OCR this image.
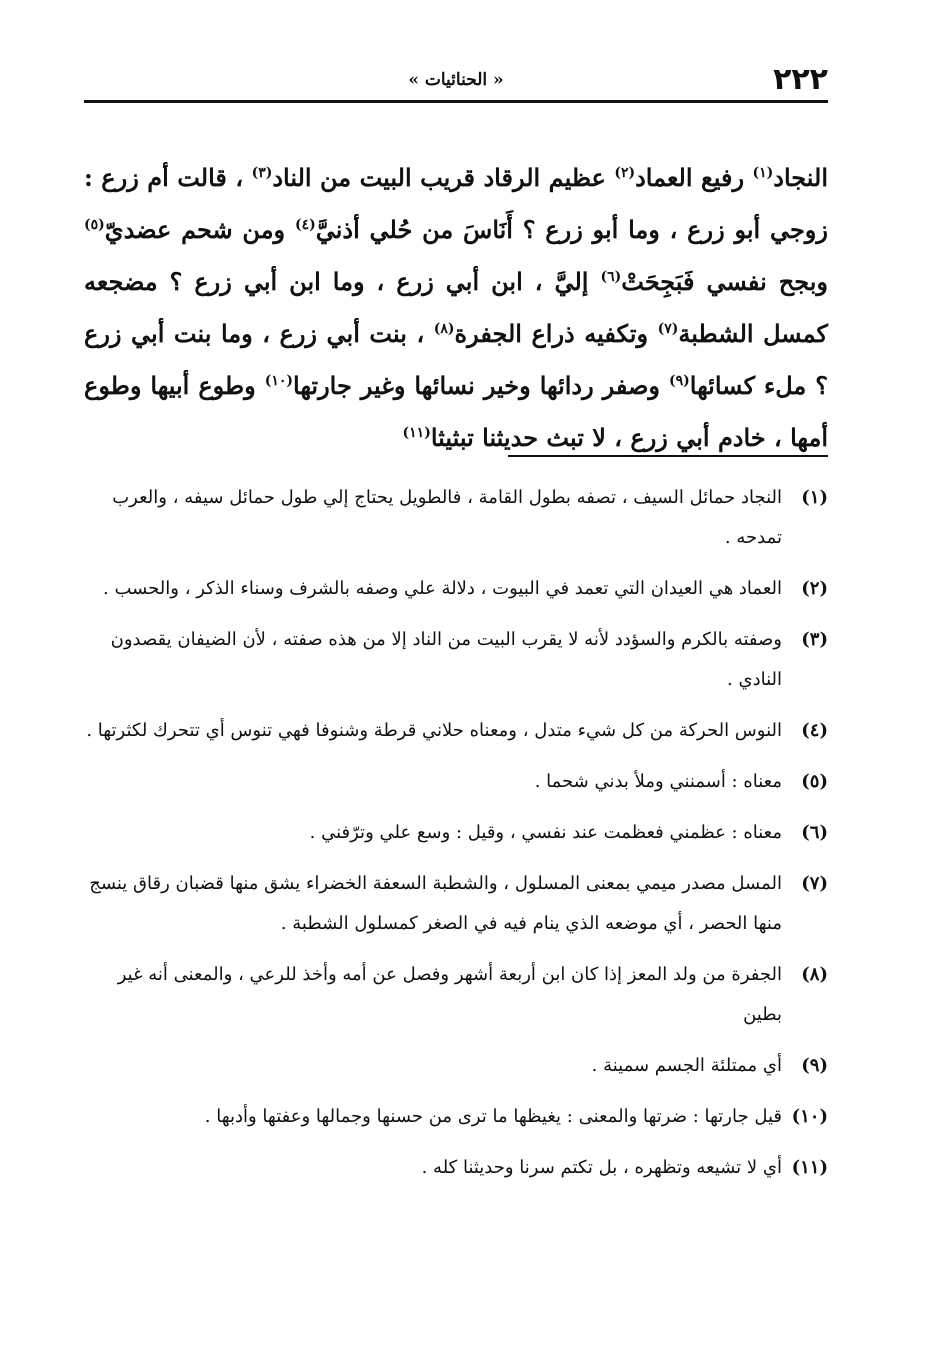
٢٢٢
« الحنائيات »

النجاد$^{(١)}$ رفيع العماد$^{(٢)}$ عظيم الرقاد قريب البيت من الناد$^{(٣)}$ ، قالت أم زرع : زوجي أبو زرع ، وما أبو زرع ؟ أَنَاسَ من حُلي أذنيَّ$^{(٤)}$ ومن شحم عضديّ$^{(٥)}$ وبجح نفسي فَبَجِحَتْ$^{(٦)}$ إليَّ ، ابن أبي زرع ، وما ابن أبي زرع ؟ مضجعه كمسل الشطبة$^{(٧)}$ وتكفيه ذراع الجفرة$^{(٨)}$ ، بنت أبي زرع ، وما بنت أبي زرع ؟ ملء كسائها$^{(٩)}$ وصفر ردائها وخير نسائها وغير جارتها$^{(١٠)}$ وطوع أبيها وطوع أمها ، خادم أبي زرع ، لا تبث حديثنا تبثيثا$^{(١١)}$

(١)
النجاد حمائل السيف ، تصفه بطول القامة ، فالطويل يحتاج إلي طول حمائل سيفه ، والعرب تمدحه .
(٢)
العماد هي العيدان التي تعمد في البيوت ، دلالة علي وصفه بالشرف وسناء الذكر ، والحسب .
(٣)
وصفته بالكرم والسؤدد لأنه لا يقرب البيت من الناد إلا من هذه صفته ، لأن الضيفان يقصدون النادي .
(٤)
النوس الحركة من كل شيء متدل ، ومعناه حلاني قرطة وشنوفا فهي تنوس أي تتحرك لكثرتها .
(٥)
معناه : أسمنني وملأ بدني شحما .
(٦)
معناه : عظمني فعظمت عند نفسي ، وقيل : وسع علي وترّفني .
(٧)
المسل مصدر ميمي بمعنى المسلول ، والشطبة السعفة الخضراء يشق منها قضبان رقاق ينسج منها الحصر ، أي موضعه الذي ينام فيه في الصغر كمسلول الشطبة .
(٨)
الجفرة من ولد المعز إذا كان ابن أربعة أشهر وفصل عن أمه وأخذ للرعي ، والمعنى أنه غير بطين
(٩)
أي ممتلئة الجسم سمينة .
(١٠)
قيل جارتها : ضرتها والمعنى : يغيظها ما ترى من حسنها وجمالها وعفتها وأدبها .
(١١)
أي لا تشيعه وتظهره ، بل تكتم سرنا وحديثنا كله .
